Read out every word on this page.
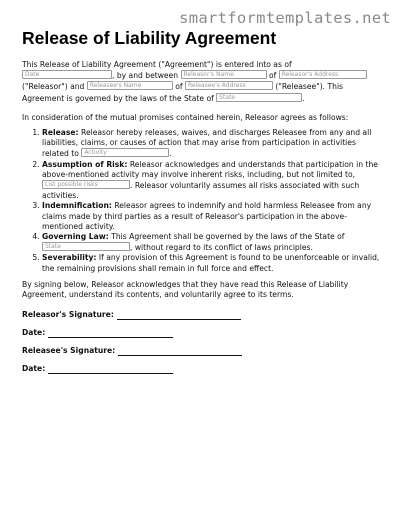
smartformtemplates.net
Release of Liability Agreement

This Release of Liability Agreement ("Agreement") is entered into as of Date	, by and between Releasor's Name	of Releasor's Address ("Releasor") and Releasee's Name	of Releasee's Address	("Releasee"). This Agreement is governed by the laws of the State of State	.

In consideration of the mutual promises contained herein, Releasor agrees as follows:

1. Release: Releasor hereby releases, waives, and discharges Releasee from any and all liabilities, claims, or causes of action that may arise from participation in activities related to Activity	.
2. Assumption of Risk: Releasor acknowledges and understands that participation in the above-mentioned activity may involve inherent risks, including, but not limited to, List possible risks	. Releasor voluntarily assumes all risks associated with such activities.
3. Indemnification: Releasor agrees to indemnify and hold harmless Releasee from any claims made by third parties as a result of Releasor's participation in the above-mentioned activity.
4. Governing Law: This Agreement shall be governed by the laws of the State of State	, without regard to its conflict of laws principles.
5. Severability: If any provision of this Agreement is found to be unenforceable or invalid, the remaining provisions shall remain in full force and effect.

By signing below, Releasor acknowledges that they have read this Release of Liability Agreement, understand its contents, and voluntarily agree to its terms.

Releasor's Signature:
Date:
Releasee's Signature:
Date:
